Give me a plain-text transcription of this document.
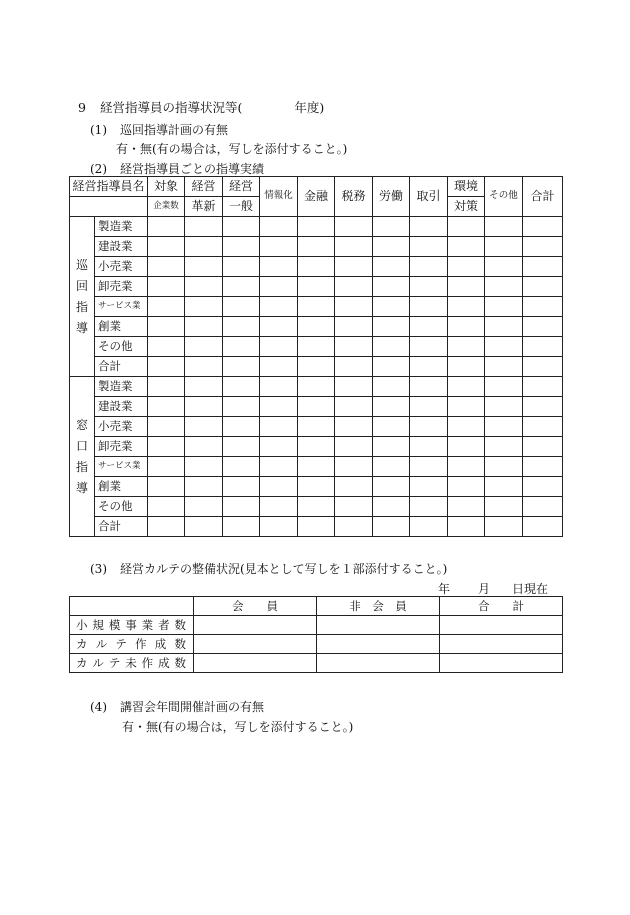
9 経営指導員の指導状況等(	年度)
(1) 巡回指導計画の有無
有・無(有の場合は，写しを添付すること。)
(2) 経営指導員ごとの指導実績
経営指導員名		対象	経営	経営	情報化	金融	税務	労働	取引	環境	その他	合計
		企業数	革新	一般						対策		

巡
回
指
導	製造業											
	建設業											
	小売業											
	卸売業											
	サービス業											
	創業											
	その他											
	合計											

窓
口
指
導	製造業											
	建設業											
	小売業											
	卸売業											
	サービス業											
	創業											
	その他											
	合計											
(3) 経営カルテの整備状況(見本として写しを１部添付すること。)
年 月 日現在
	会　　員	非　会　員	合　　計
小規模事業者数			
カルテ作成数			
カルテ未作成数			
(4) 講習会年間開催計画の有無
有・無(有の場合は，写しを添付すること。)
